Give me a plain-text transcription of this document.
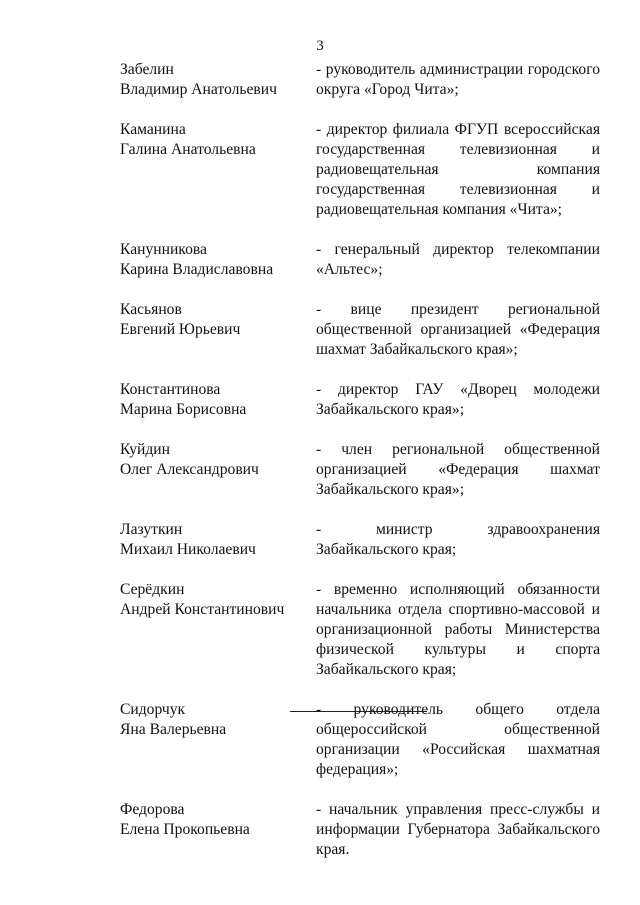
3
Забелин
Владимир Анатольевич
- руководитель администрации городского округа «Город Чита»;
Каманина
Галина Анатольевна
- директор филиала ФГУП всероссийская государственная телевизионная и радиовещательная компания государственная телевизионная и радиовещательная компания «Чита»;
Канунникова
Карина Владиславовна
- генеральный директор телекомпании «Альтес»;
Касьянов
Евгений Юрьевич
- вице президент региональной общественной организацией «Федерация шахмат Забайкальского края»;
Константинова
Марина Борисовна
- директор ГАУ «Дворец молодежи Забайкальского края»;
Куйдин
Олег Александрович
- член региональной общественной организацией «Федерация шахмат Забайкальского края»;
Лазуткин
Михаил Николаевич
- министр здравоохранения Забайкальского края;
Серёдкин
Андрей Константинович
- временно исполняющий обязанности начальника отдела спортивно-массовой и организационной работы Министерства физической культуры и спорта Забайкальского края;
Сидорчук
Яна Валерьевна
- руководитель общего отдела общероссийской общественной организации «Российская шахматная федерация»;
Федорова
Елена Прокопьевна
- начальник управления пресс-службы и информации Губернатора Забайкальского края.
